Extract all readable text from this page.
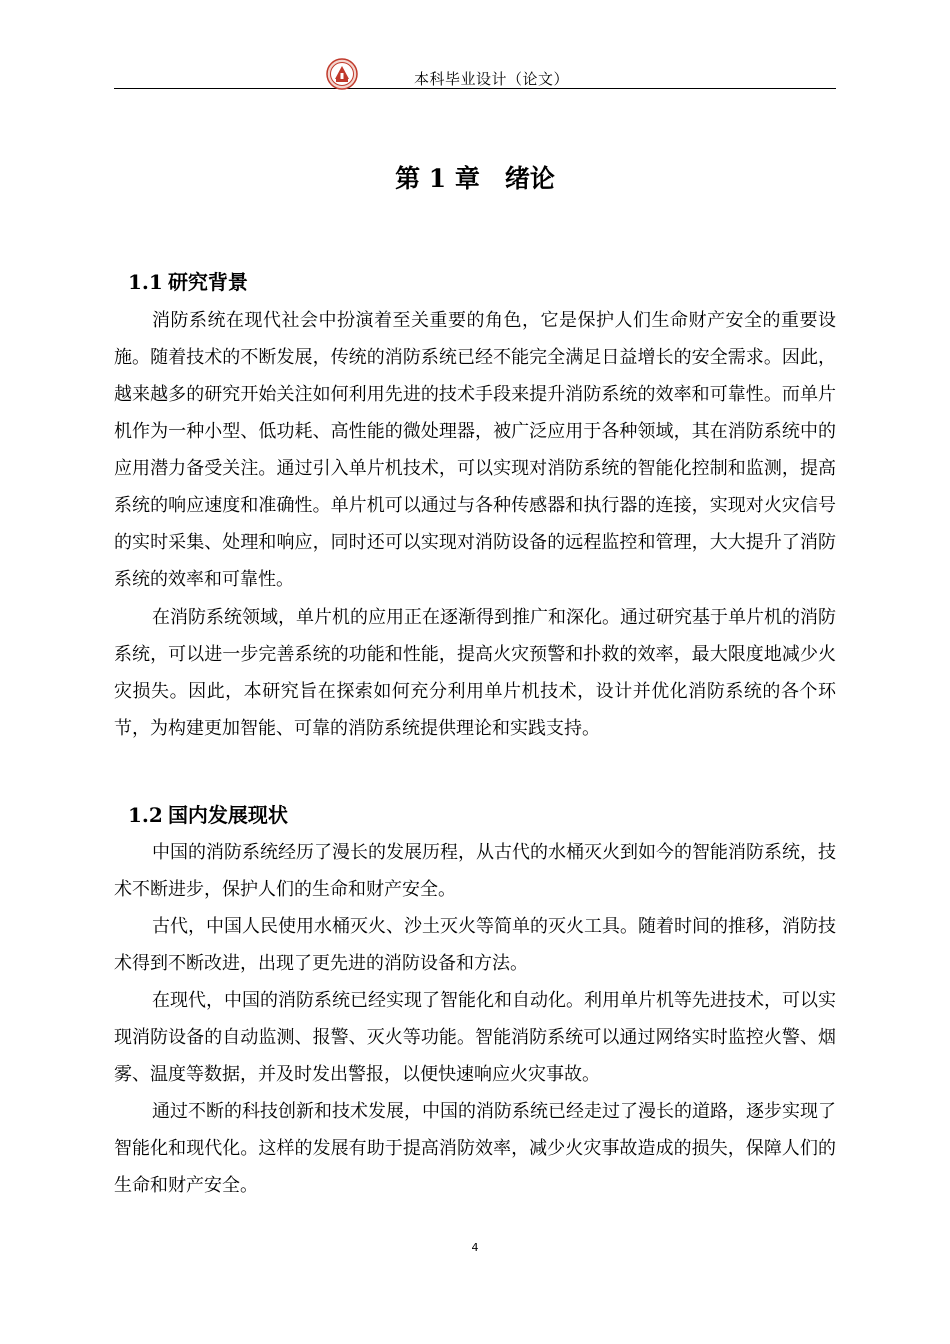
本科毕业设计（论文）
第 1 章　绪论

1.1 研究背景

消防系统在现代社会中扮演着至关重要的角色，它是保护人们生命财产安全的重要设施。随着技术的不断发展，传统的消防系统已经不能完全满足日益增长的安全需求。因此，越来越多的研究开始关注如何利用先进的技术手段来提升消防系统的效率和可靠性。而单片机作为一种小型、低功耗、高性能的微处理器，被广泛应用于各种领域，其在消防系统中的应用潜力备受关注。通过引入单片机技术，可以实现对消防系统的智能化控制和监测，提高系统的响应速度和准确性。单片机可以通过与各种传感器和执行器的连接，实现对火灾信号的实时采集、处理和响应，同时还可以实现对消防设备的远程监控和管理，大大提升了消防系统的效率和可靠性。

在消防系统领域，单片机的应用正在逐渐得到推广和深化。通过研究基于单片机的消防系统，可以进一步完善系统的功能和性能，提高火灾预警和扑救的效率，最大限度地减少火灾损失。因此，本研究旨在探索如何充分利用单片机技术，设计并优化消防系统的各个环节，为构建更加智能、可靠的消防系统提供理论和实践支持。

1.2 国内发展现状

中国的消防系统经历了漫长的发展历程，从古代的水桶灭火到如今的智能消防系统，技术不断进步，保护人们的生命和财产安全。

古代，中国人民使用水桶灭火、沙土灭火等简单的灭火工具。随着时间的推移，消防技术得到不断改进，出现了更先进的消防设备和方法。

在现代，中国的消防系统已经实现了智能化和自动化。利用单片机等先进技术，可以实现消防设备的自动监测、报警、灭火等功能。智能消防系统可以通过网络实时监控火警、烟雾、温度等数据，并及时发出警报，以便快速响应火灾事故。

通过不断的科技创新和技术发展，中国的消防系统已经走过了漫长的道路，逐步实现了智能化和现代化。这样的发展有助于提高消防效率，减少火灾事故造成的损失，保障人们的生命和财产安全。

4
